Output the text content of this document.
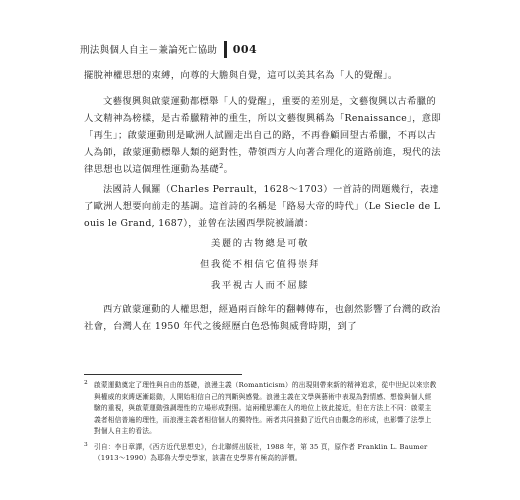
刑法與個人自主－兼論死亡協助 004

擺脫神權思想的束縛，向尊的大膽與自覺，這可以美其名為「人的覺醒」。

文藝復興與啟蒙運動都標舉「人的覺醒」，重要的差別是，文藝復興以古希臘的人文精神為榜樣，是古希臘精神的重生，所以文藝復興稱為「Renaissance」，意即「再生」；啟蒙運動則是歐洲人試圖走出自己的路，不再眷顧回望古希臘，不再以古人為師，啟蒙運動標舉人類的絕對性，帶領西方人向著合理化的道路前進，現代的法律思想也以這個理性運動為基礎$^2$。

法國詩人佩羅（Charles Perrault，1628～1703）一首詩的問題幾行，表達了歐洲人想要向前走的基調。這首詩的名稱是「路易大帝的時代」（Le Siecle de Louis le Grand, 1687），並曾在法國西學院被誦讀：

美麗的古物總是可敬
但我從不相信它值得崇拜
我平視古人而不屈膝

西方啟蒙運動的人權思想，經過兩百餘年的翻轉傳布，也創然影響了台灣的政治社會，台灣人在 1950 年代之後經歷白色恐怖與威脅時期，到了

2 啟蒙運動奠定了理性與自由的基礎，浪漫主義（Romanticism）的出現則帶來新的精神追求，從中世紀以來宗教與權威的束縛逐漸鬆動，人開始相信自己的判斷與感覺。浪漫主義在文學與藝術中表現為對情感、想像與個人經驗的重視，與啟蒙運動強調理性的立場形成對照。這兩種思潮在人的地位上彼此接近，但在方法上不同：啟蒙主義者相信普遍的理性，而浪漫主義者相信個人的獨特性。兩者共同推動了近代自由觀念的形成，也影響了法學上對個人自主的看法。
3 引自：李日章譯，《西方近代思想史》，台北聯經出版社，1988 年，第 35 頁，原作者 Franklin L. Baumer（1913～1990）為耶魯大學史學家，該書在史學界有極高的評價。
